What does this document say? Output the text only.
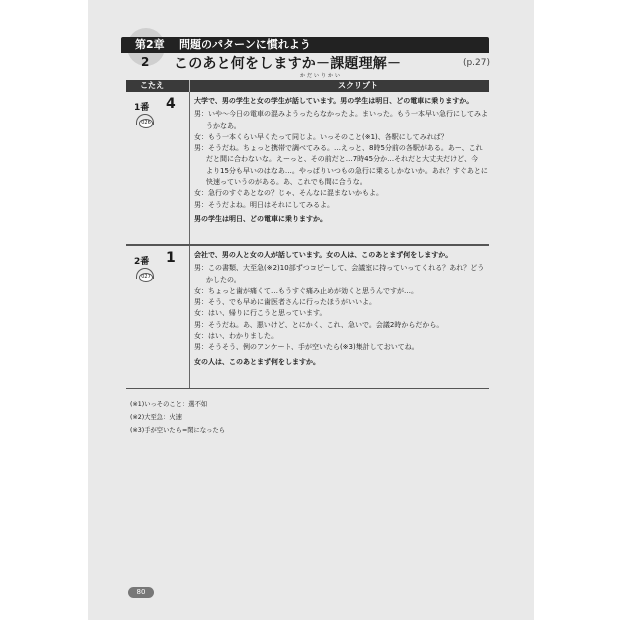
第2章 問題のパターンに慣れよう
2 このあと何をしますか－課題理解－
かだいりかい
(p.27)
こたえ	スクリプト
1番
026
4	大学で、男の学生と女の学生が話しています。男の学生は明日、どの電車に乗りますか。

男：いや～今日の電車の混みようったらなかったよ。まいった。もう一本早い急行にしてみよ

うかなあ。

女：もう一本くらい早くたって同じよ。いっそのこと(※1)、各駅にしてみれば？

男：そうだね。ちょっと携帯で調べてみる。…えっと、8時5分前の各駅がある。あー、これ

だと間に合わないな。えーっと、その前だと…7時45分か…それだと大丈夫だけど、今

より15分も早いのはなあ…。やっぱりいつもの急行に乗るしかないか。あれ？すぐあとに

快速っていうのがある。あ、これでも間に合うな。

女：急行のすぐあとなの？じゃ、そんなに混まないかもよ。

男：そうだよね。明日はそれにしてみるよ。

男の学生は明日、どの電車に乗りますか。

2番
027
1	会社で、男の人と女の人が話しています。女の人は、このあとまず何をしますか。

男：この書類、大至急(※2)10部ずつコピーして、会議室に持っていってくれる？あれ？どう

かしたの。

女：ちょっと歯が痛くて…もうすぐ痛み止めが効くと思うんですが…。

男：そう、でも早めに歯医者さんに行ったほうがいいよ。

女：はい、帰りに行こうと思っています。

男：そうだね。あ、悪いけど、とにかく、これ、急いで。会議2時からだから。

女：はい、わかりました。

男：そうそう、例のアンケート、手が空いたら(※3)集計しておいてね。

女の人は、このあとまず何をしますか。

(※1)いっそのこと：選不如

(※2)大至急：火速

(※3)手が空いたら=閑になったら

80
